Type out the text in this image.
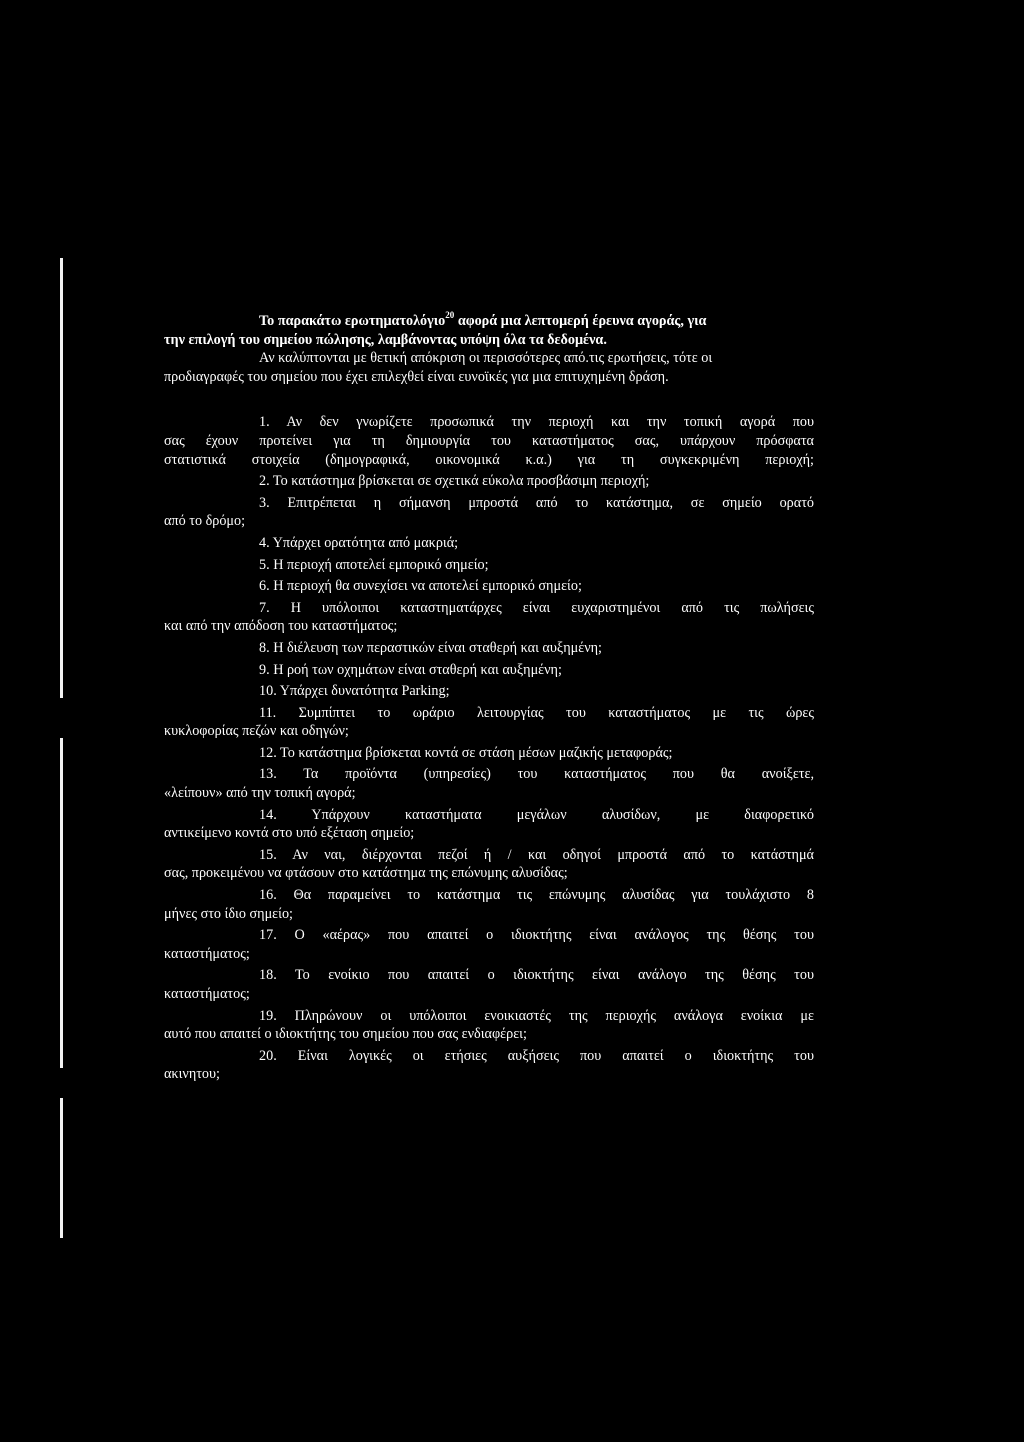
Το παρακάτω ερωτηματολόγιο$^{20}$ αφορά μια λεπτομερή έρευνα αγοράς, για

την επιλογή του σημείου πώλησης, λαμβάνοντας υπόψη όλα τα δεδομένα.

Αν καλύπτονται με θετική απόκριση οι περισσότερες από.τις ερωτήσεις, τότε οι

προδιαγραφές του σημείου που έχει επιλεχθεί είναι ευνοϊκές για μια επιτυχημένη δράση.

1. Αν δεν γνωρίζετε προσωπικά την περιοχή και την τοπική αγορά που

σας έχουν προτείνει για τη δημιουργία του καταστήματος σας, υπάρχουν πρόσφατα

στατιστικά στοιχεία (δημογραφικά, οικονομικά κ.α.) για τη συγκεκριμένη περιοχή;

2. Το κατάστημα βρίσκεται σε σχετικά εύκολα προσβάσιμη περιοχή;

3. Επιτρέπεται η σήμανση μπροστά από το κατάστημα, σε σημείο ορατό

από το δρόμο;

4. Υπάρχει ορατότητα από μακριά;

5. Η περιοχή αποτελεί εμπορικό σημείο;

6. Η περιοχή θα συνεχίσει να αποτελεί εμπορικό σημείο;

7. Η υπόλοιποι καταστηματάρχες είναι ευχαριστημένοι από τις πωλήσεις

και από την απόδοση του καταστήματος;

8. Η διέλευση των περαστικών είναι σταθερή και αυξημένη;

9. Η ροή των οχημάτων είναι σταθερή και αυξημένη;

10. Υπάρχει δυνατότητα Parking;

11. Συμπίπτει το ωράριο λειτουργίας του καταστήματος με τις ώρες

κυκλοφορίας πεζών και οδηγών;

12. Το κατάστημα βρίσκεται κοντά σε στάση μέσων μαζικής μεταφοράς;

13. Τα προϊόντα (υπηρεσίες) του καταστήματος που θα ανοίξετε,

«λείπουν» από την τοπική αγορά;

14. Υπάρχουν καταστήματα μεγάλων αλυσίδων, με διαφορετικό

αντικείμενο κοντά στο υπό εξέταση σημείο;

15. Αν ναι, διέρχονται πεζοί ή / και οδηγοί μπροστά από το κατάστημά

σας, προκειμένου να φτάσουν στο κατάστημα της επώνυμης αλυσίδας;

16. Θα παραμείνει το κατάστημα τις επώνυμης αλυσίδας για τουλάχιστο 8

μήνες στο ίδιο σημείο;

17. Ο «αέρας» που απαιτεί ο ιδιοκτήτης είναι ανάλογος της θέσης του

καταστήματος;

18. Το ενοίκιο που απαιτεί ο ιδιοκτήτης είναι ανάλογο της θέσης του

καταστήματος;

19. Πληρώνουν οι υπόλοιποι ενοικιαστές της περιοχής ανάλογα ενοίκια με

αυτό που απαιτεί ο ιδιοκτήτης του σημείου που σας ενδιαφέρει;

20. Είναι λογικές οι ετήσιες αυξήσεις που απαιτεί ο ιδιοκτήτης του

ακινητου;
